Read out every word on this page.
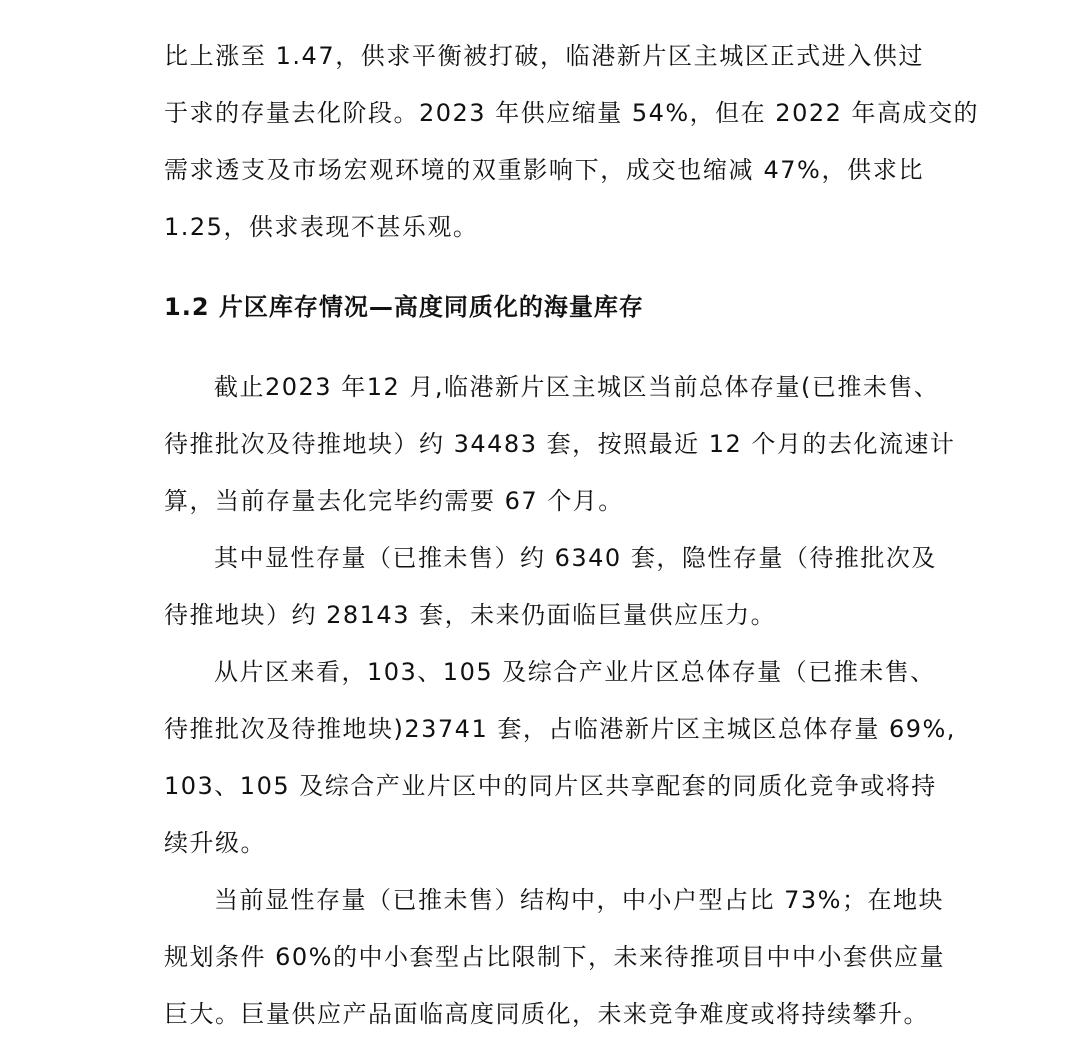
比上涨至 1.47，供求平衡被打破，临港新片区主城区正式进入供过
于求的存量去化阶段。2023 年供应缩量 54%，但在 2022 年高成交的
需求透支及市场宏观环境的双重影响下，成交也缩减 47%，供求比
1.25，供求表现不甚乐观。
1.2 片区库存情况—高度同质化的海量库存
截止2023 年12 月,临港新片区主城区当前总体存量(已推未售、
待推批次及待推地块）约 34483 套，按照最近 12 个月的去化流速计
算，当前存量去化完毕约需要 67 个月。
其中显性存量（已推未售）约 6340 套，隐性存量（待推批次及
待推地块）约 28143 套，未来仍面临巨量供应压力。
从片区来看，103、105 及综合产业片区总体存量（已推未售、
待推批次及待推地块)23741 套，占临港新片区主城区总体存量 69%,
103、105 及综合产业片区中的同片区共享配套的同质化竞争或将持
续升级。
当前显性存量（已推未售）结构中，中小户型占比 73%；在地块
规划条件 60%的中小套型占比限制下，未来待推项目中中小套供应量
巨大。巨量供应产品面临高度同质化，未来竞争难度或将持续攀升。
